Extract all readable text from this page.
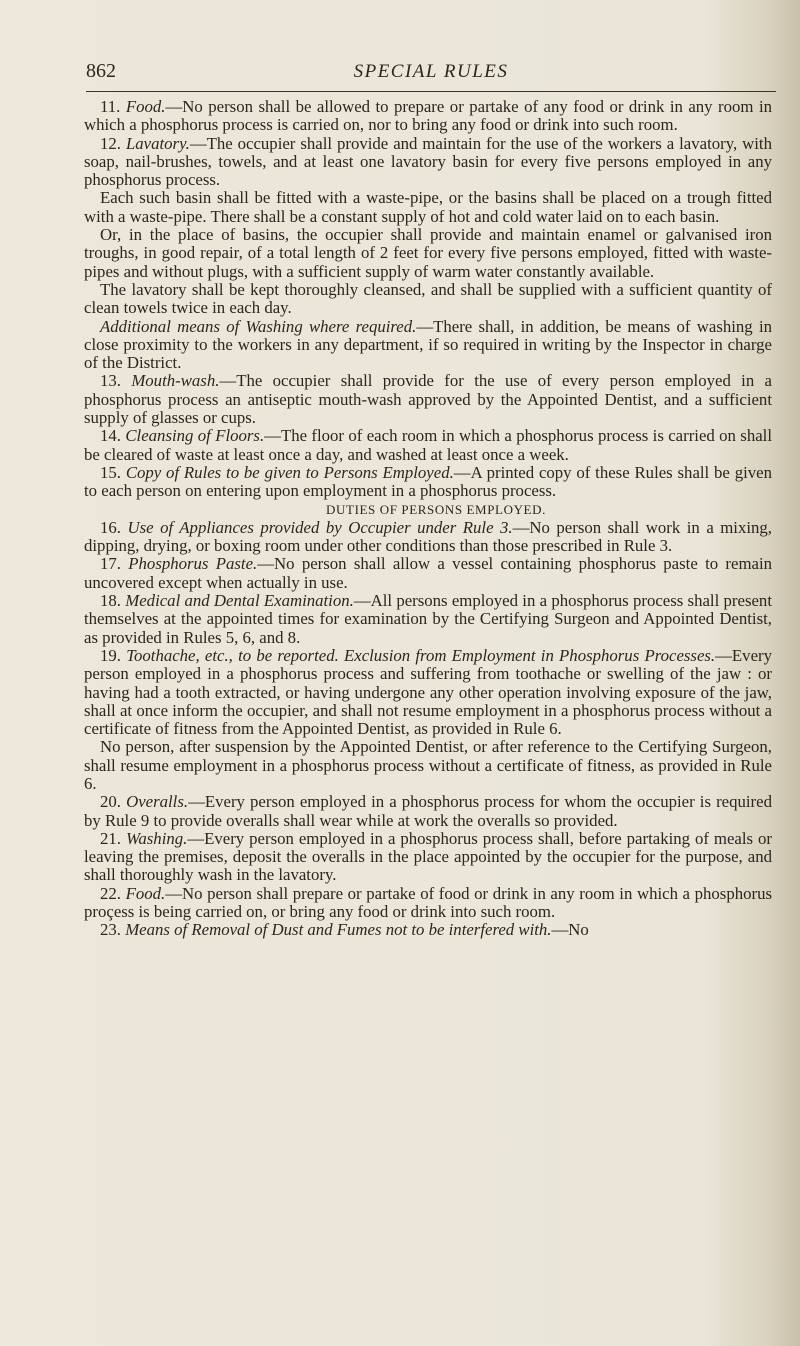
862	SPECIAL RULES

11. Food.—No person shall be allowed to prepare or partake of any food or drink in any room in which a phosphorus process is carried on, nor to bring any food or drink into such room.

12. Lavatory.—The occupier shall provide and maintain for the use of the workers a lavatory, with soap, nail-brushes, towels, and at least one lavatory basin for every five persons employed in any phosphorus process.

Each such basin shall be fitted with a waste-pipe, or the basins shall be placed on a trough fitted with a waste-pipe. There shall be a constant supply of hot and cold water laid on to each basin.

Or, in the place of basins, the occupier shall provide and maintain enamel or galvanised iron troughs, in good repair, of a total length of 2 feet for every five persons employed, fitted with waste-pipes and without plugs, with a sufficient supply of warm water constantly available.

The lavatory shall be kept thoroughly cleansed, and shall be supplied with a sufficient quantity of clean towels twice in each day.

Additional means of Washing where required.—There shall, in addition, be means of washing in close proximity to the workers in any department, if so required in writing by the Inspector in charge of the District.

13. Mouth-wash.—The occupier shall provide for the use of every person employed in a phosphorus process an antiseptic mouth-wash approved by the Appointed Dentist, and a sufficient supply of glasses or cups.

14. Cleansing of Floors.—The floor of each room in which a phosphorus process is carried on shall be cleared of waste at least once a day, and washed at least once a week.

15. Copy of Rules to be given to Persons Employed.—A printed copy of these Rules shall be given to each person on entering upon employment in a phosphorus process.

DUTIES OF PERSONS EMPLOYED.

16. Use of Appliances provided by Occupier under Rule 3.—No person shall work in a mixing, dipping, drying, or boxing room under other conditions than those prescribed in Rule 3.

17. Phosphorus Paste.—No person shall allow a vessel containing phosphorus paste to remain uncovered except when actually in use.

18. Medical and Dental Examination.—All persons employed in a phosphorus process shall present themselves at the appointed times for examination by the Certifying Surgeon and Appointed Dentist, as provided in Rules 5, 6, and 8.

19. Toothache, etc., to be reported. Exclusion from Employment in Phosphorus Processes.—Every person employed in a phosphorus process and suffering from toothache or swelling of the jaw : or having had a tooth extracted, or having undergone any other operation involving exposure of the jaw, shall at once inform the occupier, and shall not resume employment in a phosphorus process without a certificate of fitness from the Appointed Dentist, as provided in Rule 6.

No person, after suspension by the Appointed Dentist, or after reference to the Certifying Surgeon, shall resume employment in a phosphorus process without a certificate of fitness, as provided in Rule 6.

20. Overalls.—Every person employed in a phosphorus process for whom the occupier is required by Rule 9 to provide overalls shall wear while at work the overalls so provided.

21. Washing.—Every person employed in a phosphorus process shall, before partaking of meals or leaving the premises, deposit the overalls in the place appointed by the occupier for the purpose, and shall thoroughly wash in the lavatory.

22. Food.—No person shall prepare or partake of food or drink in any room in which a phosphorus proçess is being carried on, or bring any food or drink into such room.

23. Means of Removal of Dust and Fumes not to be interfered with.—No
